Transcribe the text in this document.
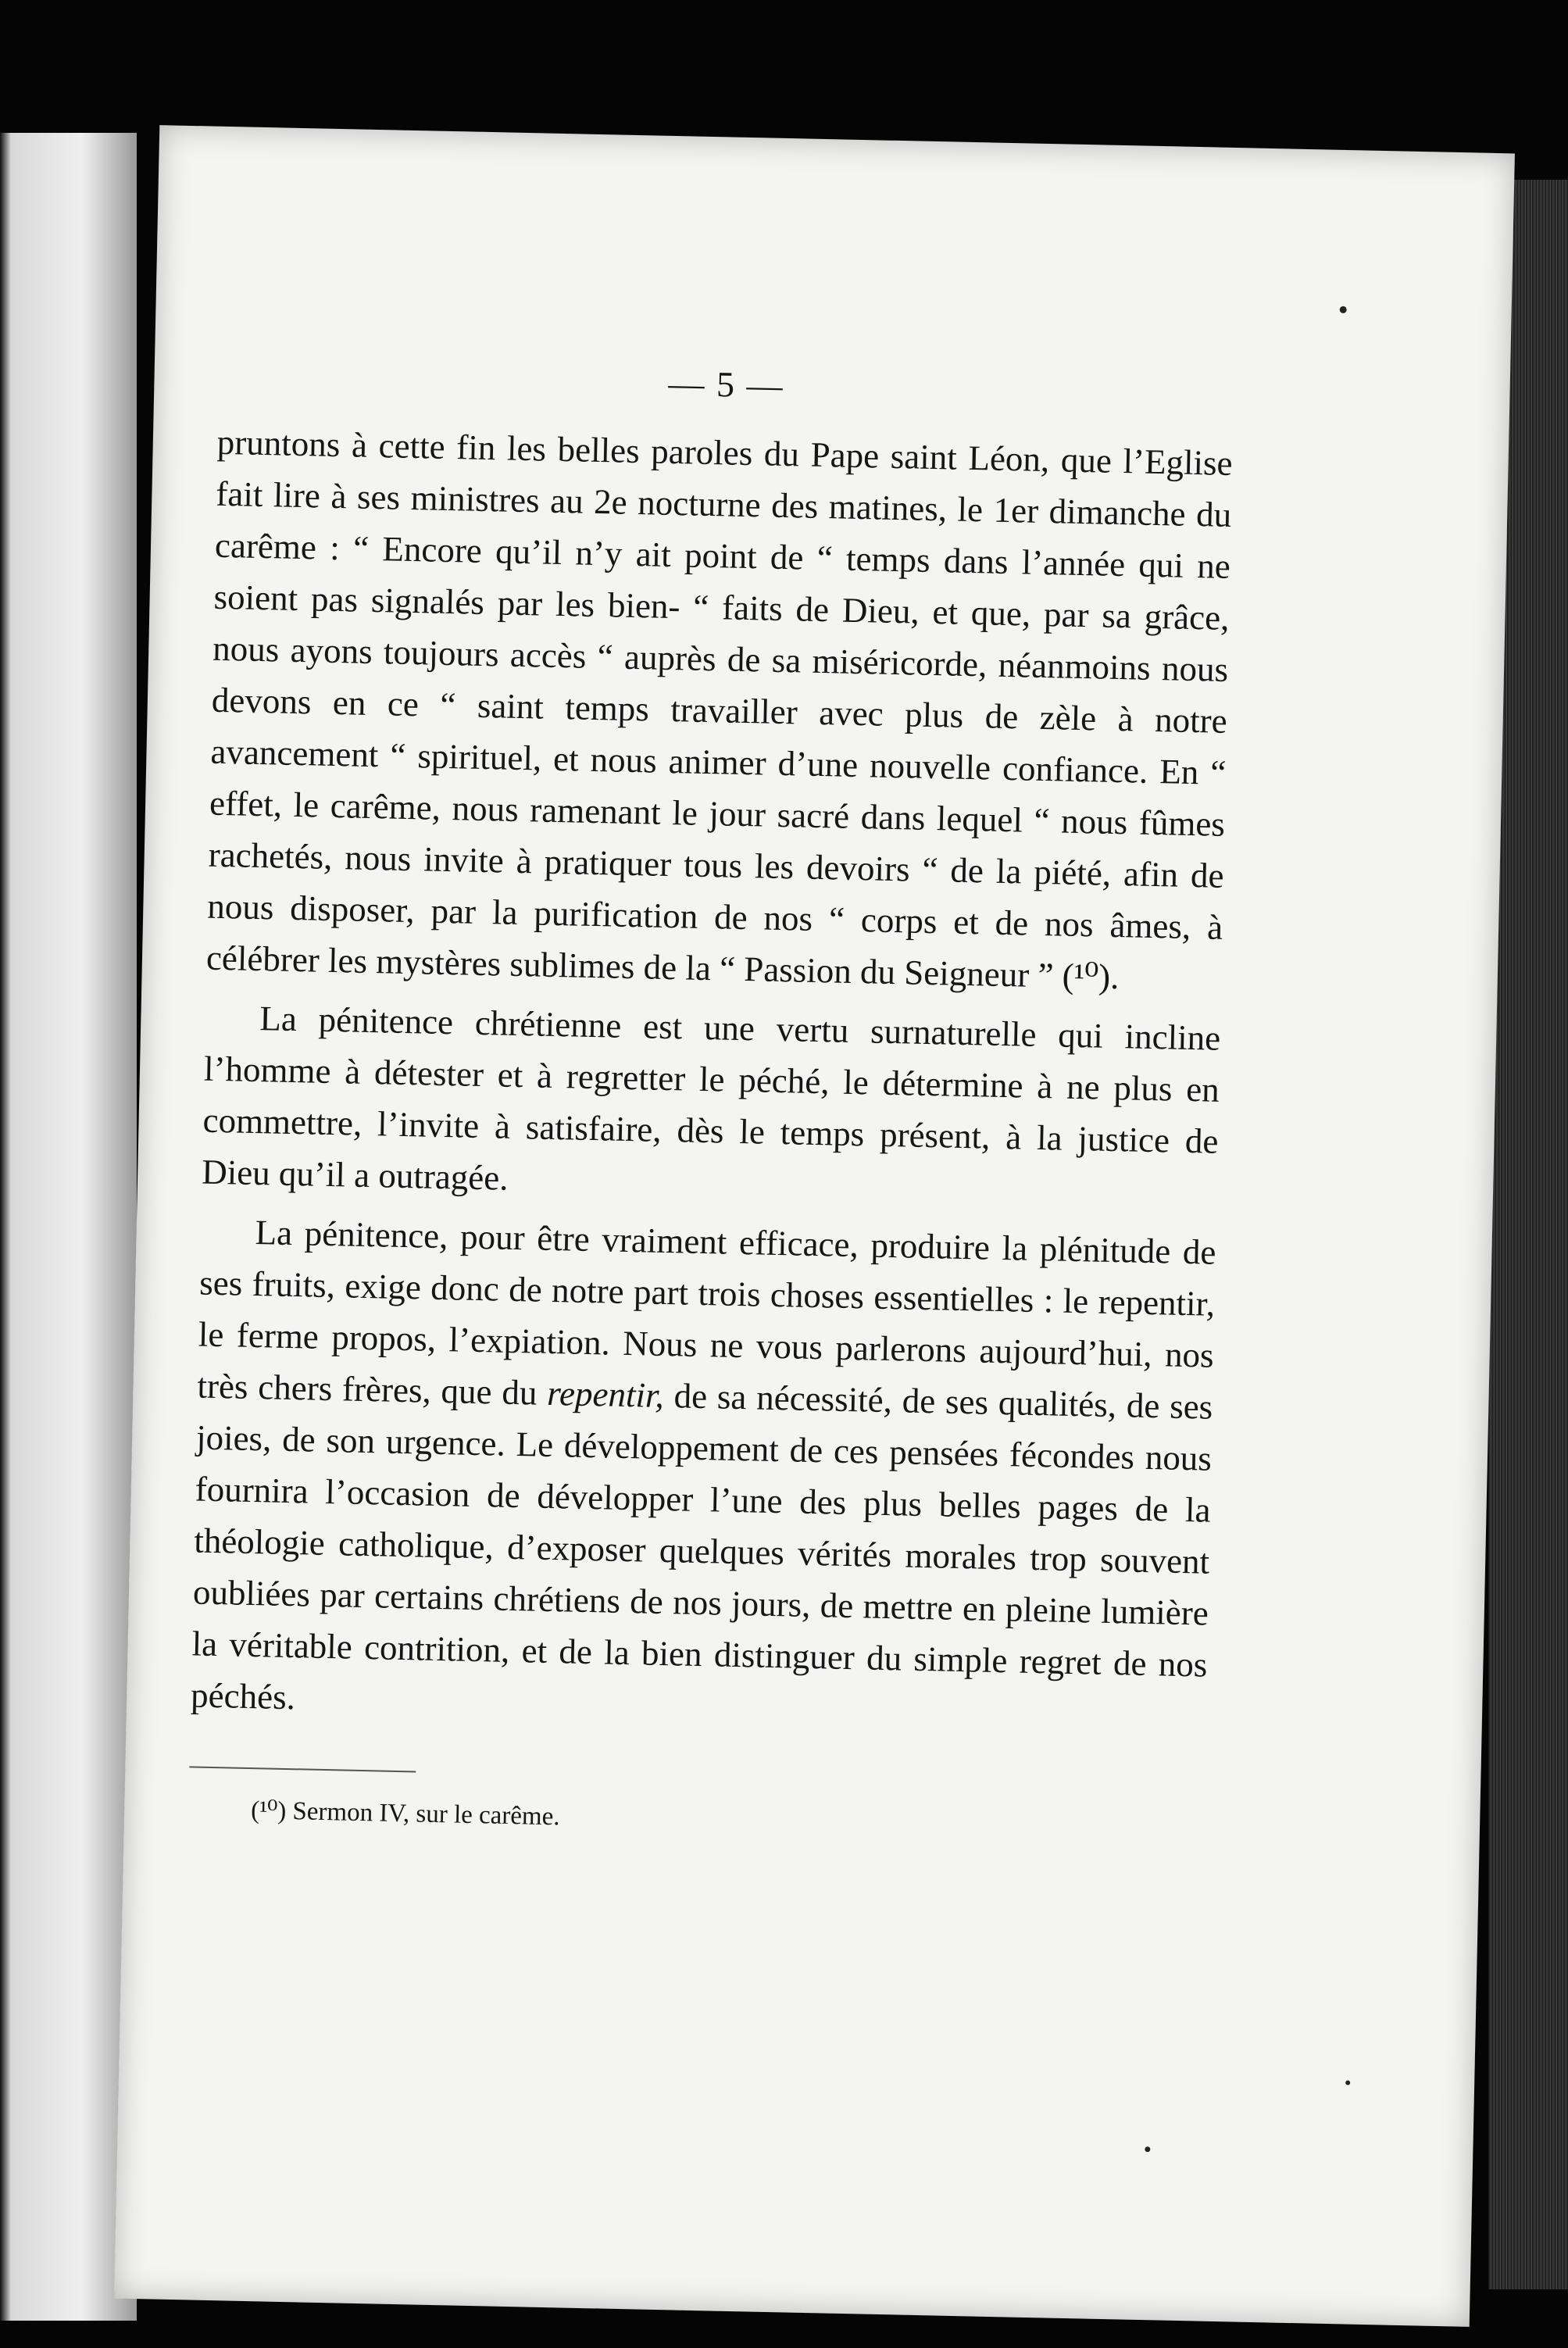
— 5 —

pruntons à cette fin les belles paroles du Pape saint Léon, que l’Eglise fait lire à ses ministres au 2e nocturne des matines, le 1er dimanche du carême : “ Encore qu’il n’y ait point de “ temps dans l’année qui ne soient pas signalés par les bien- “ faits de Dieu, et que, par sa grâce, nous ayons toujours accès “ auprès de sa miséricorde, néanmoins nous devons en ce “ saint temps travailler avec plus de zèle à notre avancement “ spirituel, et nous animer d’une nouvelle confiance. En “ effet, le carême, nous ramenant le jour sacré dans lequel “ nous fûmes rachetés, nous invite à pratiquer tous les devoirs “ de la piété, afin de nous disposer, par la purification de nos “ corps et de nos âmes, à célébrer les mystères sublimes de la “ Passion du Seigneur ” (¹⁰).

La pénitence chrétienne est une vertu surnaturelle qui incline l’homme à détester et à regretter le péché, le détermine à ne plus en commettre, l’invite à satisfaire, dès le temps présent, à la justice de Dieu qu’il a outragée.

La pénitence, pour être vraiment efficace, produire la plénitude de ses fruits, exige donc de notre part trois choses essentielles : le repentir, le ferme propos, l’expiation. Nous ne vous parlerons aujourd’hui, nos très chers frères, que du repentir, de sa nécessité, de ses qualités, de ses joies, de son urgence. Le développement de ces pensées fécondes nous fournira l’occasion de développer l’une des plus belles pages de la théologie catholique, d’exposer quelques vérités morales trop souvent oubliées par certains chrétiens de nos jours, de mettre en pleine lumière la véritable contrition, et de la bien distinguer du simple regret de nos péchés.

(¹⁰) Sermon IV, sur le carême.
